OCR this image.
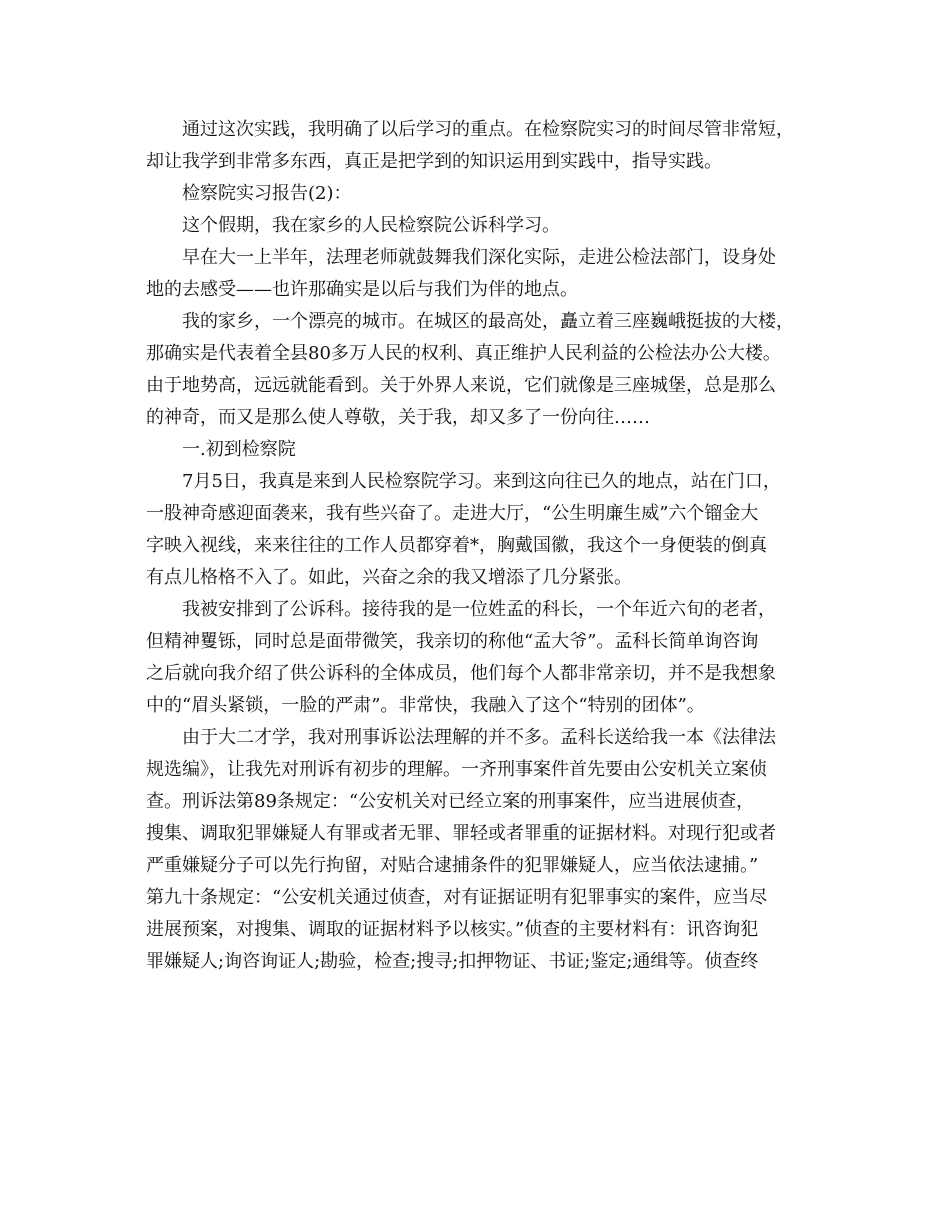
通过这次实践，我明确了以后学习的重点。在检察院实习的时间尽管非常短，
却让我学到非常多东西，真正是把学到的知识运用到实践中，指导实践。
检察院实习报告(2)：
这个假期，我在家乡的人民检察院公诉科学习。
早在大一上半年，法理老师就鼓舞我们深化实际，走进公检法部门，设身处
地的去感受——也许那确实是以后与我们为伴的地点。
我的家乡，一个漂亮的城市。在城区的最高处，矗立着三座巍峨挺拔的大楼，
那确实是代表着全县80多万人民的权利、真正维护人民利益的公检法办公大楼。
由于地势高，远远就能看到。关于外界人来说，它们就像是三座城堡，总是那么
的神奇，而又是那么使人尊敬，关于我，却又多了一份向往……
一.初到检察院
7月5日，我真是来到人民检察院学习。来到这向往已久的地点，站在门口，
一股神奇感迎面袭来，我有些兴奋了。走进大厅，“公生明廉生威”六个镏金大
字映入视线，来来往往的工作人员都穿着*，胸戴国徽，我这个一身便装的倒真
有点儿格格不入了。如此，兴奋之余的我又增添了几分紧张。
我被安排到了公诉科。接待我的是一位姓孟的科长，一个年近六旬的老者，
但精神矍铄，同时总是面带微笑，我亲切的称他“孟大爷”。孟科长简单询咨询
之后就向我介绍了供公诉科的全体成员，他们每个人都非常亲切，并不是我想象
中的“眉头紧锁，一脸的严肃”。非常快，我融入了这个“特别的团体”。
由于大二才学，我对刑事诉讼法理解的并不多。孟科长送给我一本《法律法
规选编》，让我先对刑诉有初步的理解。一齐刑事案件首先要由公安机关立案侦
查。刑诉法第89条规定：“公安机关对已经立案的刑事案件，应当进展侦查，
搜集、调取犯罪嫌疑人有罪或者无罪、罪轻或者罪重的证据材料。对现行犯或者
严重嫌疑分子可以先行拘留，对贴合逮捕条件的犯罪嫌疑人，应当依法逮捕。”
第九十条规定：“公安机关通过侦查，对有证据证明有犯罪事实的案件，应当尽
进展预案，对搜集、调取的证据材料予以核实。”侦查的主要材料有：讯咨询犯
罪嫌疑人;询咨询证人;勘验，检查;搜寻;扣押物证、书证;鉴定;通缉等。侦查终
